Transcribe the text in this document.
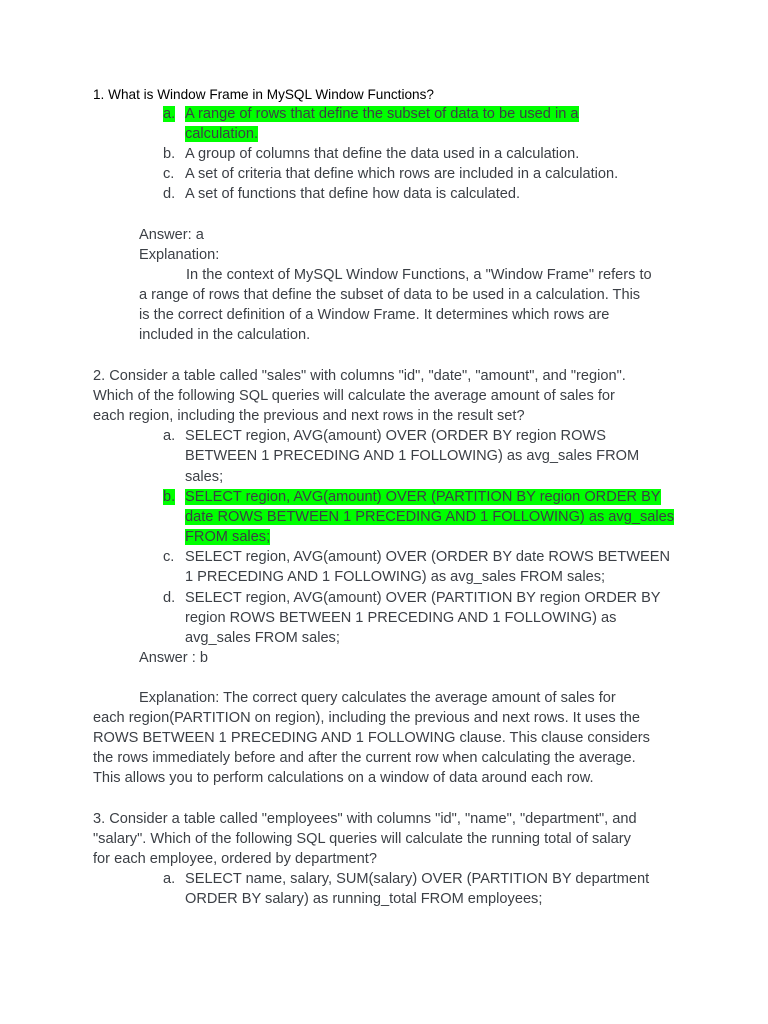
1. What is Window Frame in MySQL Window Functions?
a. A range of rows that define the subset of data to be used in a
calculation.
b. A group of columns that define the data used in a calculation.
c. A set of criteria that define which rows are included in a calculation.
d. A set of functions that define how data is calculated.
Answer: a
Explanation:
In the context of MySQL Window Functions, a "Window Frame" refers to
a range of rows that define the subset of data to be used in a calculation. This
is the correct definition of a Window Frame. It determines which rows are
included in the calculation.
2. Consider a table called "sales" with columns "id", "date", "amount", and "region".
Which of the following SQL queries will calculate the average amount of sales for
each region, including the previous and next rows in the result set?
a. SELECT region, AVG(amount) OVER (ORDER BY region ROWS
BETWEEN 1 PRECEDING AND 1 FOLLOWING) as avg_sales FROM
sales;
b. SELECT region, AVG(amount) OVER (PARTITION BY region ORDER BY
date ROWS BETWEEN 1 PRECEDING AND 1 FOLLOWING) as avg_sales
FROM sales;
c. SELECT region, AVG(amount) OVER (ORDER BY date ROWS BETWEEN
1 PRECEDING AND 1 FOLLOWING) as avg_sales FROM sales;
d. SELECT region, AVG(amount) OVER (PARTITION BY region ORDER BY
region ROWS BETWEEN 1 PRECEDING AND 1 FOLLOWING) as
avg_sales FROM sales;
Answer : b
Explanation: The correct query calculates the average amount of sales for
each region(PARTITION on region), including the previous and next rows. It uses the
ROWS BETWEEN 1 PRECEDING AND 1 FOLLOWING clause. This clause considers
the rows immediately before and after the current row when calculating the average.
This allows you to perform calculations on a window of data around each row.
3. Consider a table called "employees" with columns "id", "name", "department", and
"salary". Which of the following SQL queries will calculate the running total of salary
for each employee, ordered by department?
a. SELECT name, salary, SUM(salary) OVER (PARTITION BY department
ORDER BY salary) as running_total FROM employees;
